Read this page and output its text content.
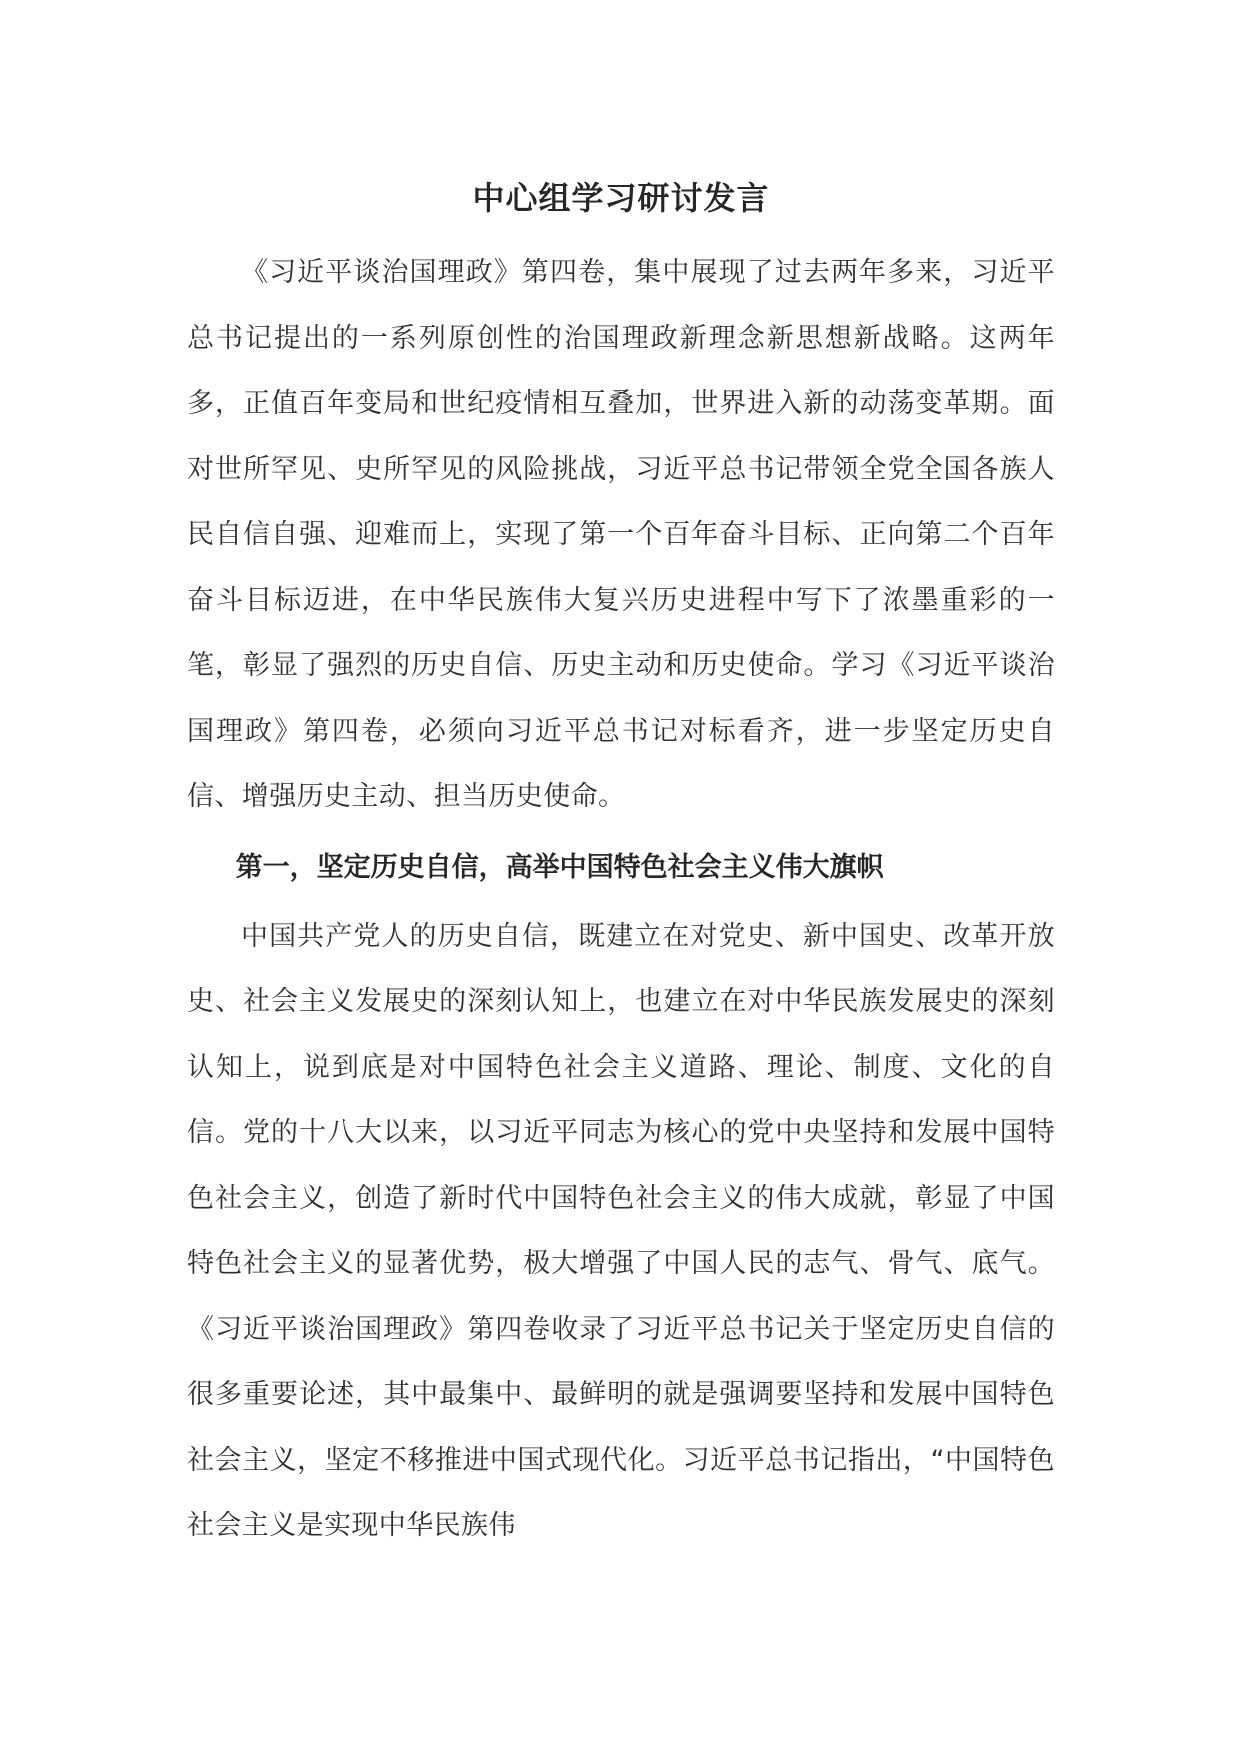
中心组学习研讨发言

《习近平谈治国理政》第四卷，集中展现了过去两年多来，习近平总书记提出的一系列原创性的治国理政新理念新思想新战略。这两年多，正值百年变局和世纪疫情相互叠加，世界进入新的动荡变革期。面对世所罕见、史所罕见的风险挑战，习近平总书记带领全党全国各族人民自信自强、迎难而上，实现了第一个百年奋斗目标、正向第二个百年奋斗目标迈进，在中华民族伟大复兴历史进程中写下了浓墨重彩的一笔，彰显了强烈的历史自信、历史主动和历史使命。学习《习近平谈治国理政》第四卷，必须向习近平总书记对标看齐，进一步坚定历史自信、增强历史主动、担当历史使命。

第一，坚定历史自信，高举中国特色社会主义伟大旗帜

中国共产党人的历史自信，既建立在对党史、新中国史、改革开放史、社会主义发展史的深刻认知上，也建立在对中华民族发展史的深刻认知上，说到底是对中国特色社会主义道路、理论、制度、文化的自信。党的十八大以来，以习近平同志为核心的党中央坚持和发展中国特色社会主义，创造了新时代中国特色社会主义的伟大成就，彰显了中国特色社会主义的显著优势，极大增强了中国人民的志气、骨气、底气。《习近平谈治国理政》第四卷收录了习近平总书记关于坚定历史自信的很多重要论述，其中最集中、最鲜明的就是强调要坚持和发展中国特色社会主义，坚定不移推进中国式现代化。习近平总书记指出，“中国特色社会主义是实现中华民族伟
